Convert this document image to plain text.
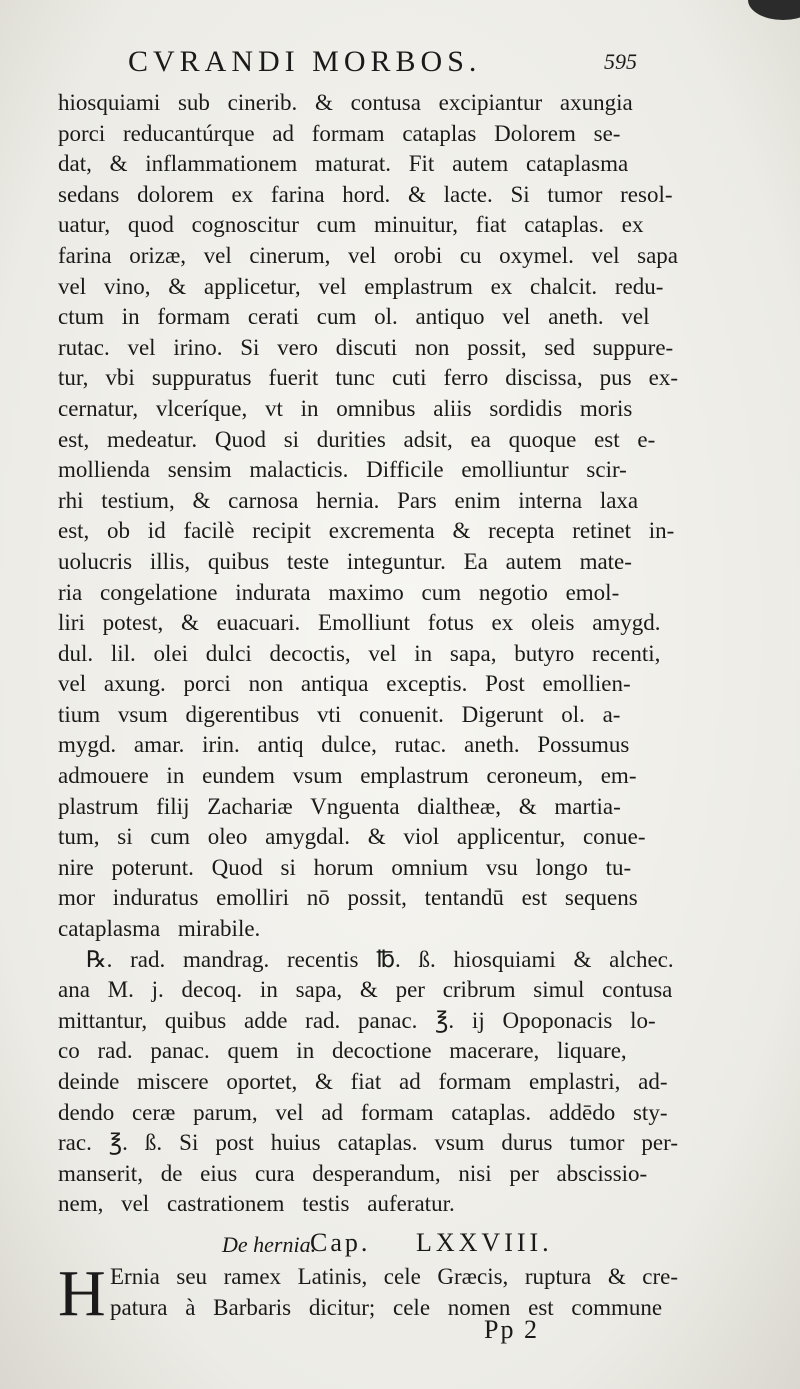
CVRANDI MORBOS.	595
hiosquiami sub cinerib. & contusa excipiantur axungia
porci reducantúrque ad formam cataplas Dolorem se-
dat, & inflammationem maturat. Fit autem cataplasma
sedans dolorem ex farina hord. & lacte. Si tumor resol-
uatur, quod cognoscitur cum minuitur, fiat cataplas. ex
farina orizæ, vel cinerum, vel orobi cu oxymel. vel sapa
vel vino, & applicetur, vel emplastrum ex chalcit. redu-
ctum in formam cerati cum ol. antiquo vel aneth. vel
rutac. vel irino. Si vero discuti non possit, sed suppure-
tur, vbi suppuratus fuerit tunc cuti ferro discissa, pus ex-
cernatur, vlceríque, vt in omnibus aliis sordidis moris
est, medeatur. Quod si durities adsit, ea quoque est e-
mollienda sensim malacticis. Difficile emolliuntur scir-
rhi testium, & carnosa hernia. Pars enim interna laxa
est, ob id facilè recipit excrementa & recepta retinet in-
uolucris illis, quibus teste integuntur. Ea autem mate-
ria congelatione indurata maximo cum negotio emol-
liri potest, & euacuari. Emolliunt fotus ex oleis amygd.
dul. lil. olei dulci decoctis, vel in sapa, butyro recenti,
vel axung. porci non antiqua exceptis. Post emollien-
tium vsum digerentibus vti conuenit. Digerunt ol. a-
mygd. amar. irin. antiq dulce, rutac. aneth. Possumus
admouere in eundem vsum emplastrum ceroneum, em-
plastrum filij Zachariæ Vnguenta dialtheæ, & martia-
tum, si cum oleo amygdal. & viol applicentur, conue-
nire poterunt. Quod si horum omnium vsu longo tu-
mor induratus emolliri nō possit, tentandū est sequens
cataplasma mirabile.
℞. rad. mandrag. recentis ℔. ß. hiosquiami & alchec.
ana M. j. decoq. in sapa, & per cribrum simul contusa
mittantur, quibus adde rad. panac. ℥. ij Opoponacis lo-
co rad. panac. quem in decoctione macerare, liquare,
deinde miscere oportet, & fiat ad formam emplastri, ad-
dendo ceræ parum, vel ad formam cataplas. addēdo sty-
rac. ℥. ß. Si post huius cataplas. vsum durus tumor per-
manserit, de eius cura desperandum, nisi per abscissio-
nem, vel castrationem testis auferatur.
De hernia.
Cap. LXXVIII.
H Ernia seu ramex Latinis, cele Græcis, ruptura & cre-
patura à Barbaris dicitur; cele nomen est commune
Pp 2
